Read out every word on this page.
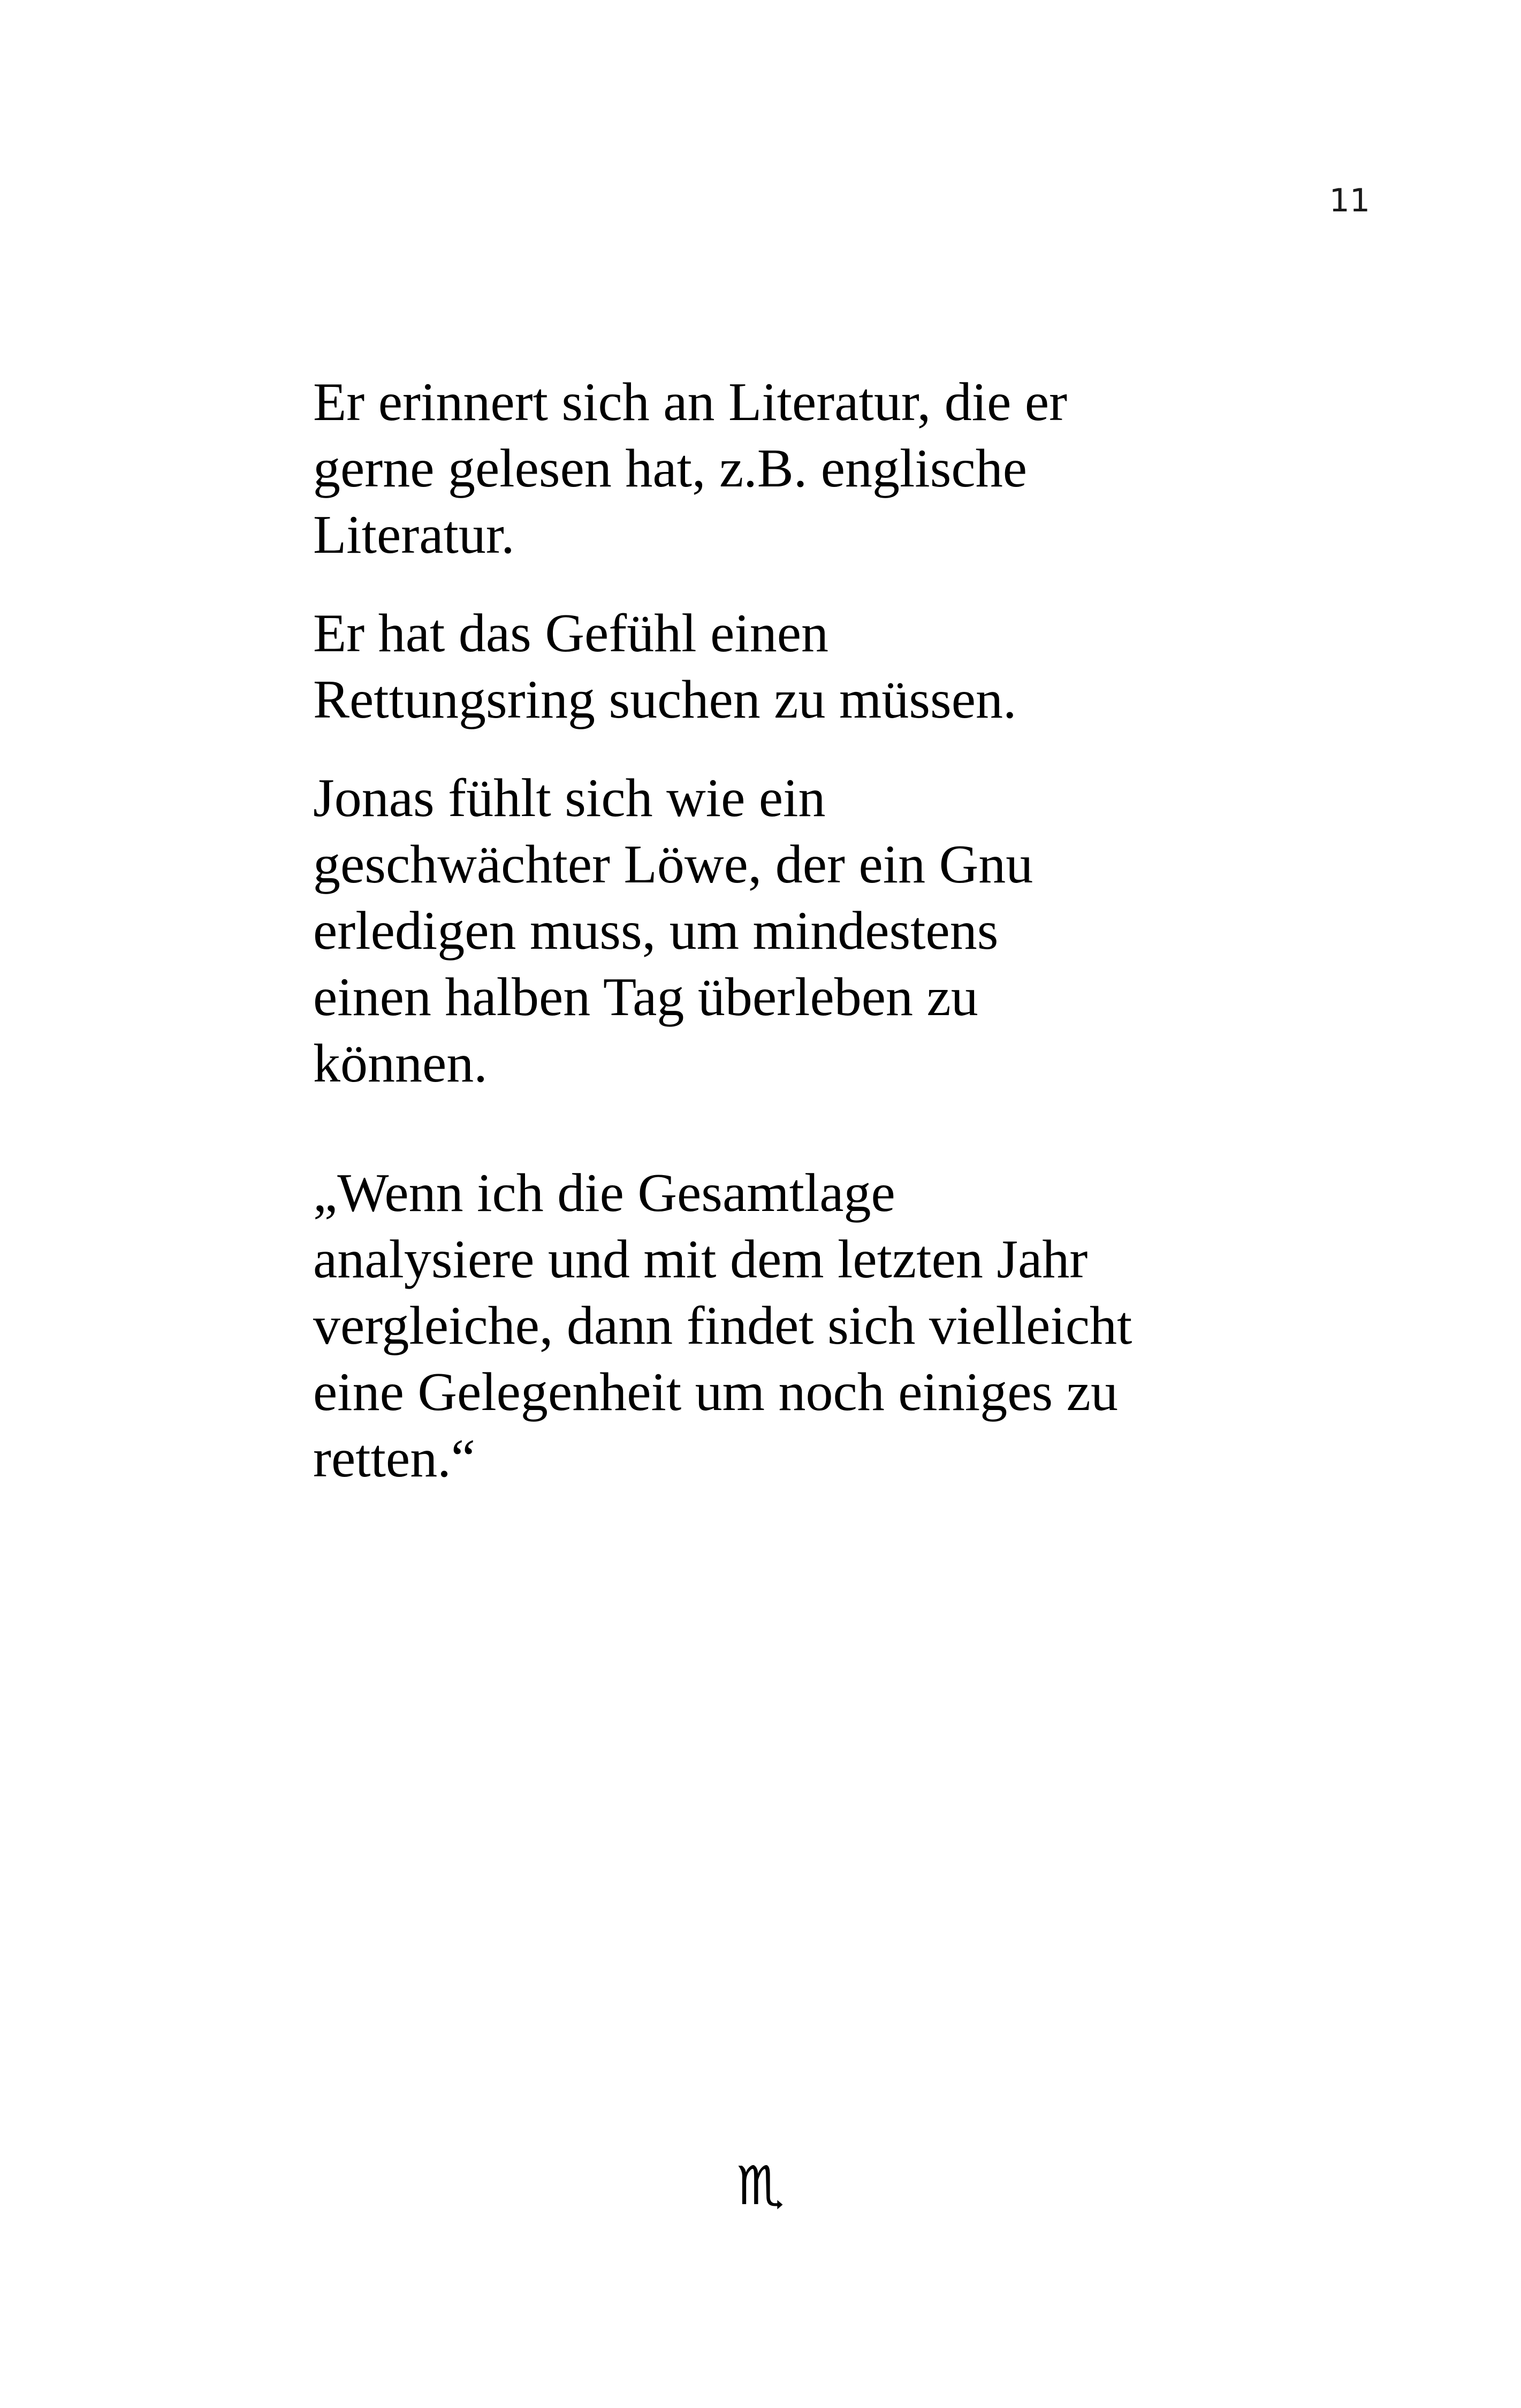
11

Er erinnert sich an Literatur, die er
gerne gelesen hat, z.B. englische
Literatur.

Er hat das Gefühl einen
Rettungsring suchen zu müssen.

Jonas fühlt sich wie ein
geschwächter Löwe, der ein Gnu
erledigen muss, um mindestens
einen halben Tag überleben zu
können.

„Wenn ich die Gesamtlage
analysiere und mit dem letzten Jahr
vergleiche, dann findet sich vielleicht
eine Gelegenheit um noch einiges zu
retten.“

♏
